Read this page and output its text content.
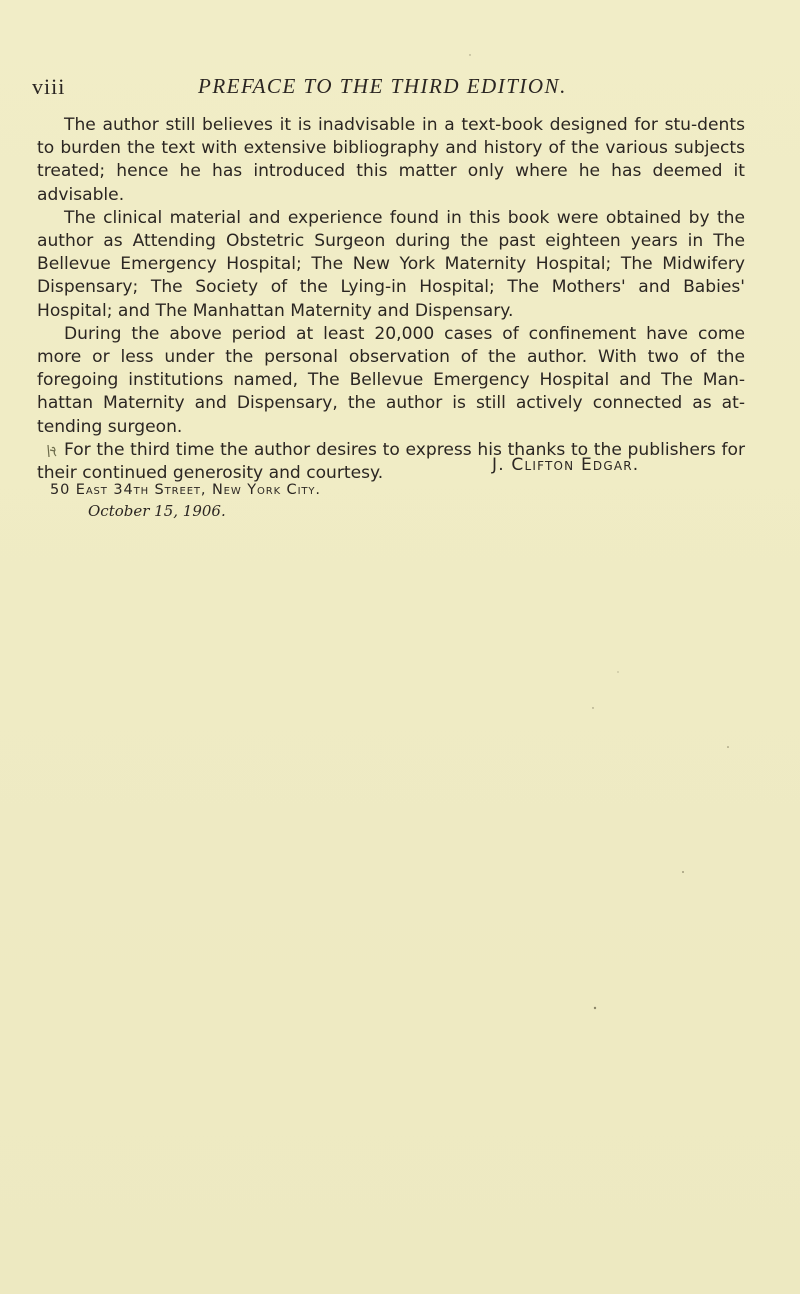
viii	PREFACE TO THE THIRD EDITION.

The author still believes it is inadvisable in a text-book designed for stu-dents to burden the text with extensive bibliography and history of the various subjects treated; hence he has introduced this matter only where he has deemed it advisable.

The clinical material and experience found in this book were obtained by the author as Attending Obstetric Surgeon during the past eighteen years in The Bellevue Emergency Hospital; The New York Maternity Hospital; The Midwifery Dispensary; The Society of the Lying-in Hospital; The Mothers' and Babies' Hospital; and The Manhattan Maternity and Dispensary.

During the above period at least 20,000 cases of confinement have come more or less under the personal observation of the author. With two of the foregoing institutions named, The Bellevue Emergency Hospital and The Man-hattan Maternity and Dispensary, the author is still actively connected as at-tending surgeon.

For the third time the author desires to express his thanks to the publishers for their continued generosity and courtesy.	J. Clifton Edgar.
50 East 34th Street, New York City.
October 15, 1906.
